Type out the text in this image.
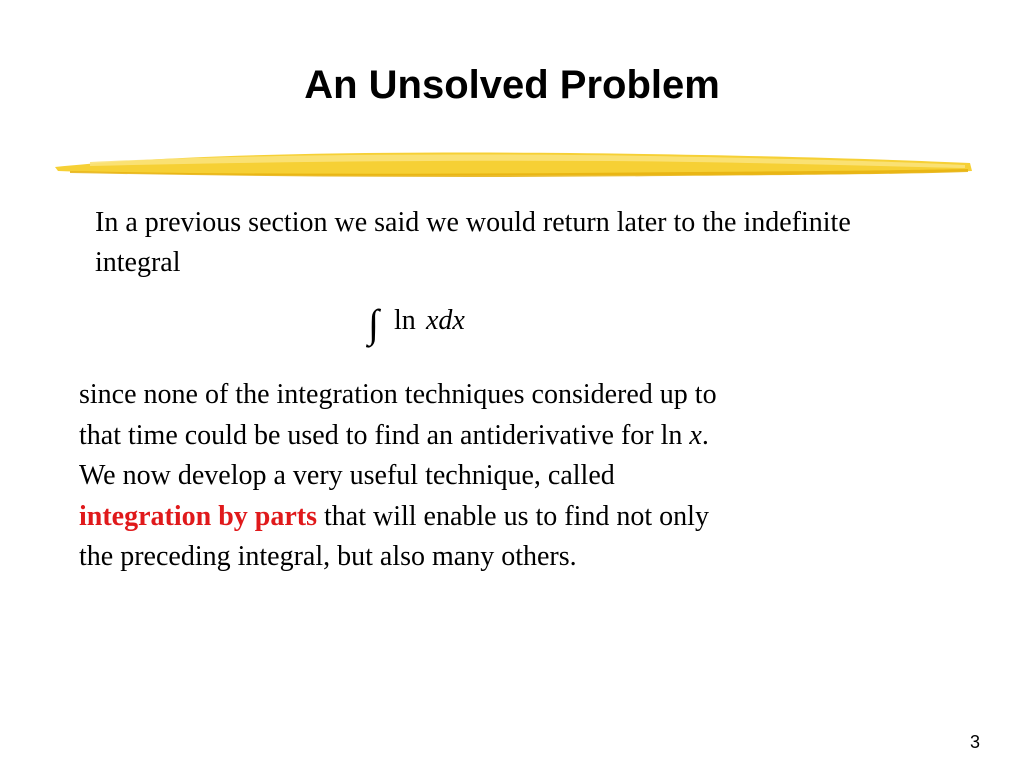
An Unsolved Problem

In a previous section we said we would return later to the indefinite integral

∫ ln xdx

since none of the integration techniques considered up to
that time could be used to find an antiderivative for ln x.
We now develop a very useful technique, called
integration by parts that will enable us to find not only
the preceding integral, but also many others.

3
